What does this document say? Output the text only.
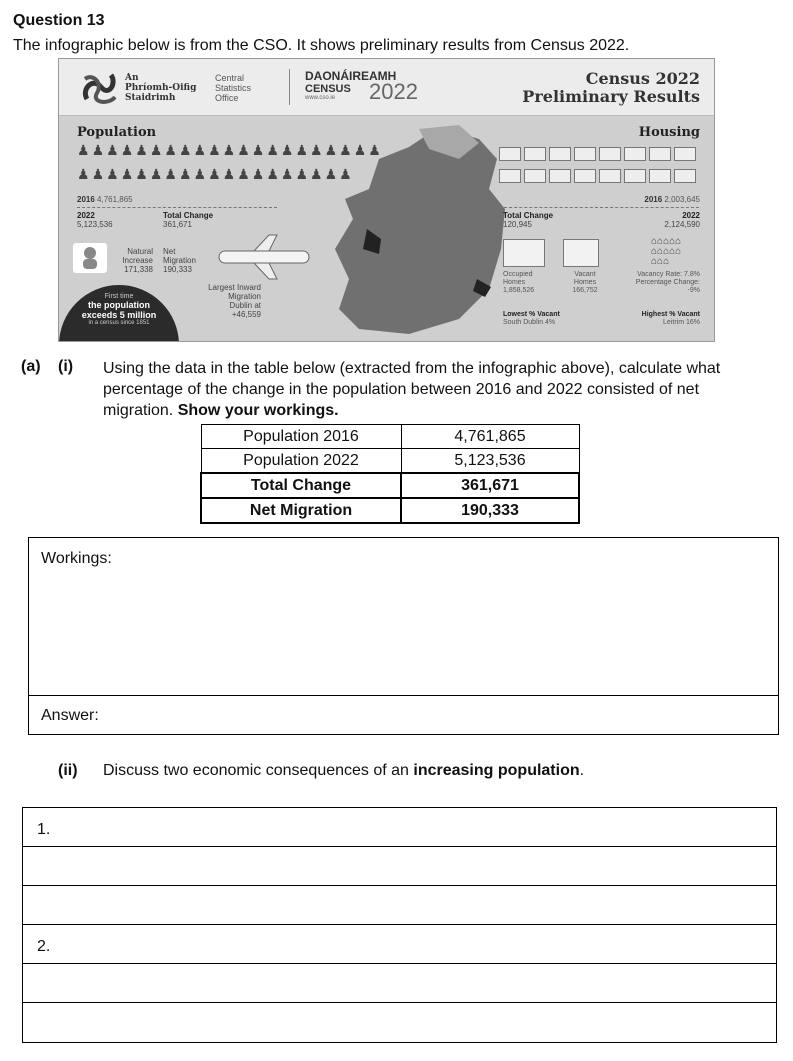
Question 13
The infographic below is from the CSO. It shows preliminary results from Census 2022.
An
Phríomh-Oifig
Staidrimh
Central
Statistics
Office
DAONÁIREAMH
CENSUS
www.cso.ie 2022
Census 2022
Preliminary Results
Population
♟ ♟ ♟ ♟ ♟ ♟ ♟ ♟ ♟ ♟ ♟ ♟ ♟ ♟ ♟ ♟ ♟ ♟ ♟ ♟ ♟
♟ ♟ ♟ ♟ ♟ ♟ ♟ ♟ ♟ ♟ ♟ ♟ ♟ ♟ ♟ ♟ ♟ ♟ ♟
2016 4,761,865
2022
5,123,536
Total Change
361,671
Natural Increase
171,338
Net Migration
190,333
Largest Inward Migration
Dublin at
+46,559
First time
the population
exceeds 5 million
in a census since 1851
Housing
2016 2,003,645
Total Change
120,945
2022
2,124,590
⌂⌂⌂⌂⌂
⌂⌂⌂⌂⌂
⌂⌂⌂
Occupied Homes
1,858,526
Vacant Homes
166,752
Vacancy Rate: 7.8%
Percentage Change: -9%
Lowest % Vacant
South Dublin 4%
Highest % Vacant
Leitrim 16%
(a) (i) Using the data in the table below (extracted from the infographic above), calculate what percentage of the change in the population between 2016 and 2022 consisted of net migration. Show your workings.
Population 2016	4,761,865
Population 2022	5,123,536
Total Change	361,671
Net Migration	190,333
Workings:
Answer:
(ii) Discuss two economic consequences of an increasing population.
1.
2.
